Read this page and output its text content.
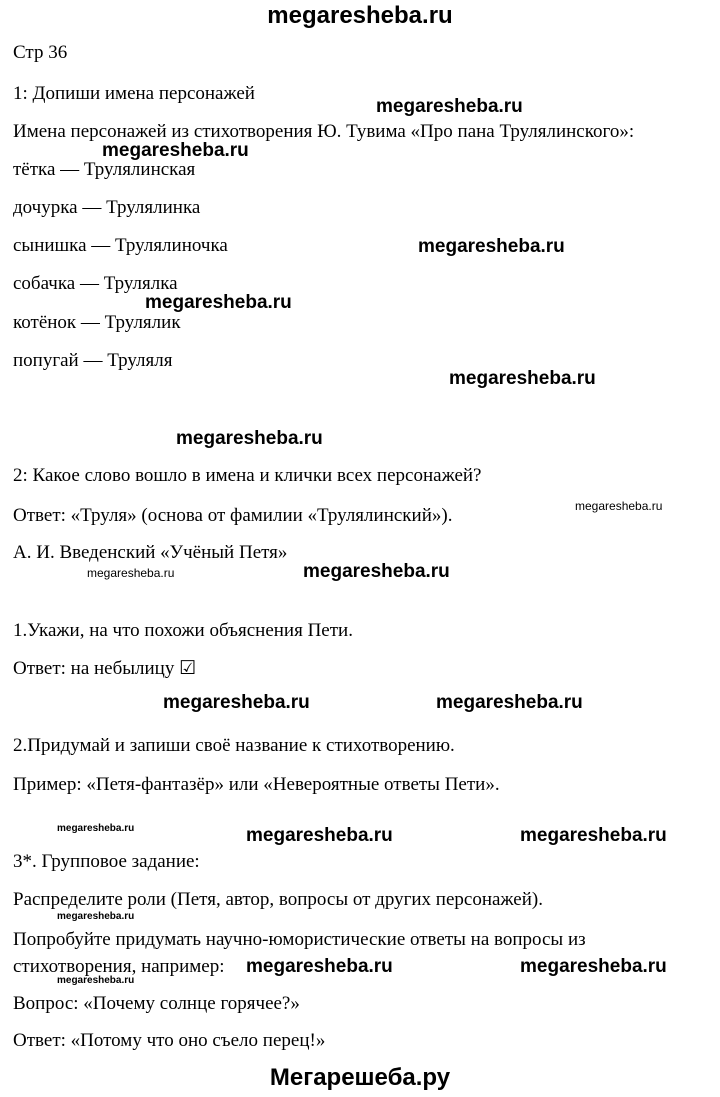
megaresheba.ru
Стр 36
1: Допиши имена персонажей
Имена персонажей из стихотворения Ю. Тувима «Про пана Трулялинского»:
тётка — Трулялинская
дочурка — Трулялинка
сынишка — Трулялиночка
собачка — Трулялка
котёнок — Трулялик
попугай — Труляля
2: Какое слово вошло в имена и клички всех персонажей?
Ответ: «Труля» (основа от фамилии «Трулялинский»).
А. И. Введенский «Учёный Петя»
1.Укажи, на что похожи объяснения Пети.
Ответ: на небылицу ☑
2.Придумай и запиши своё название к стихотворению.
Пример: «Петя-фантазёр» или «Невероятные ответы Пети».
3*. Групповое задание:
Распределите роли (Петя, автор, вопросы от других персонажей).
Попробуйте придумать научно-юмористические ответы на вопросы из
стихотворения, например:
Вопрос: «Почему солнце горячее?»
Ответ: «Потому что оно съело перец!»
megaresheba.ru
megaresheba.ru
megaresheba.ru
megaresheba.ru
megaresheba.ru
megaresheba.ru
megaresheba.ru
megaresheba.ru	megaresheba.ru
megaresheba.ru	megaresheba.ru
megaresheba.ru	megaresheba.ru	megaresheba.ru
megaresheba.ru
megaresheba.ru	megaresheba.ru
megaresheba.ru
Мегарешеба.ру
